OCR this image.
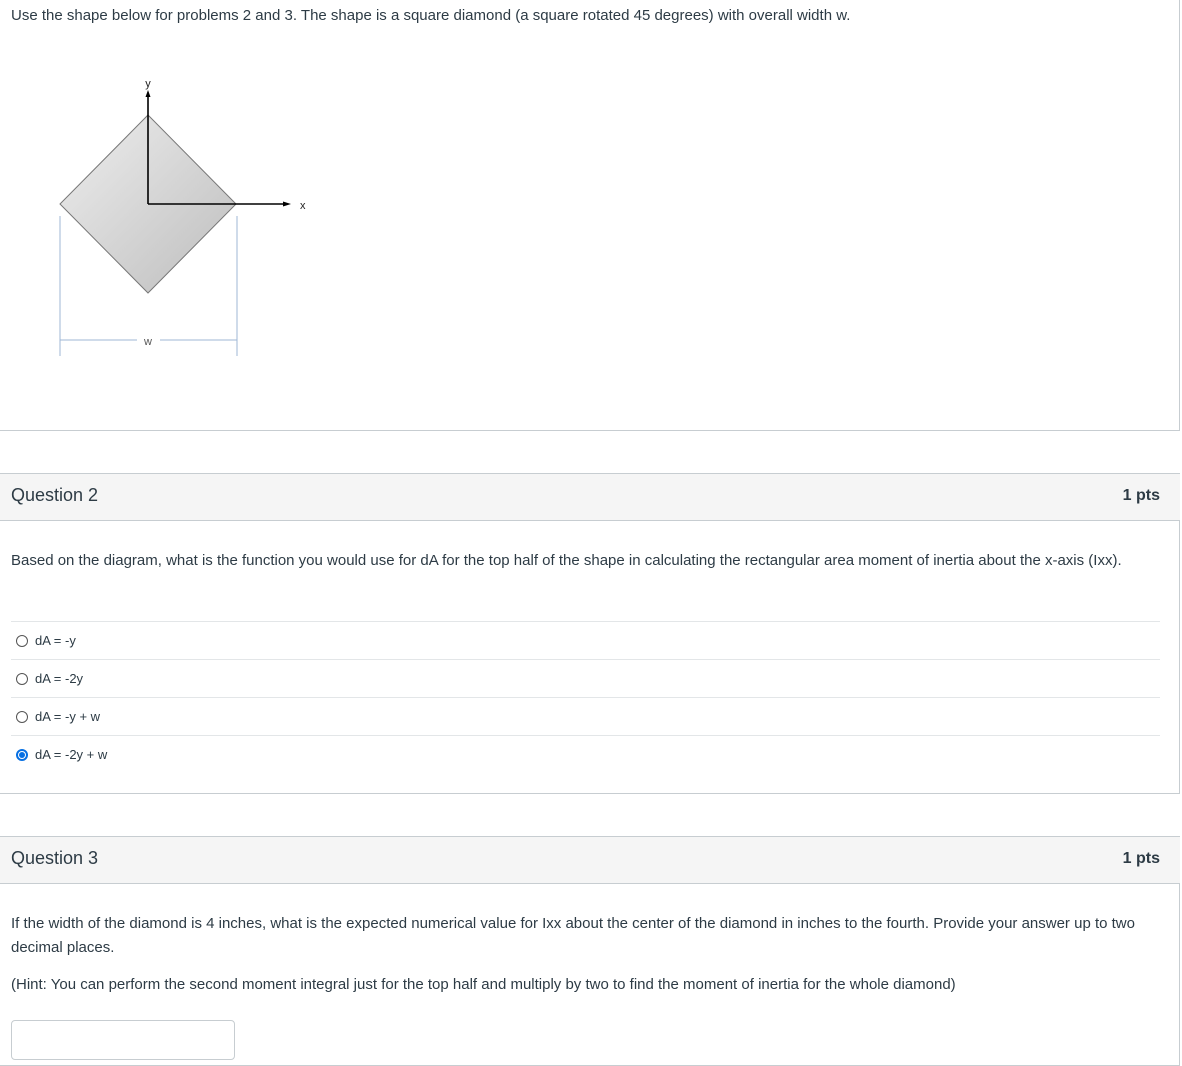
Use the shape below for problems 2 and 3. The shape is a square diamond (a square rotated 45 degrees) with overall width w.
y
x
w
Question 2	1 pts
Based on the diagram, what is the function you would use for dA for the top half of the shape in calculating the rectangular area moment of inertia about the x-axis (Ixx).
dA = -y
dA = -2y
dA = -y + w
dA = -2y + w
Question 3	1 pts
If the width of the diamond is 4 inches, what is the expected numerical value for Ixx about the center of the diamond in inches to the fourth. Provide your answer up to two decimal places.
(Hint: You can perform the second moment integral just for the top half and multiply by two to find the moment of inertia for the whole diamond)
